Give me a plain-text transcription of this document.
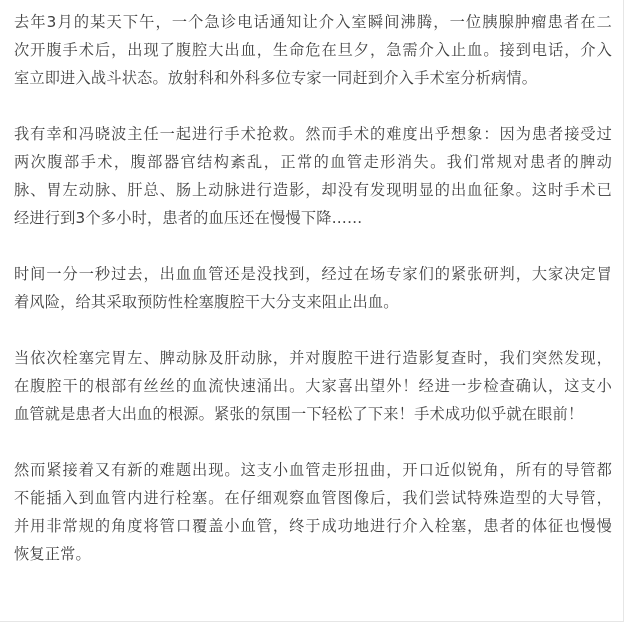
去年3月的某天下午，一个急诊电话通知让介入室瞬间沸腾，一位胰腺肿瘤患者在二
次开腹手术后，出现了腹腔大出血，生命危在旦夕，急需介入止血。接到电话，介入
室立即进入战斗状态。放射科和外科多位专家一同赶到介入手术室分析病情。

我有幸和冯晓波主任一起进行手术抢救。然而手术的难度出乎想象：因为患者接受过
两次腹部手术，腹部器官结构紊乱，正常的血管走形消失。我们常规对患者的脾动
脉、胃左动脉、肝总、肠上动脉进行造影，却没有发现明显的出血征象。这时手术已
经进行到3个多小时，患者的血压还在慢慢下降……

时间一分一秒过去，出血血管还是没找到，经过在场专家们的紧张研判，大家决定冒
着风险，给其采取预防性栓塞腹腔干大分支来阻止出血。

当依次栓塞完胃左、脾动脉及肝动脉，并对腹腔干进行造影复查时，我们突然发现，
在腹腔干的根部有丝丝的血流快速涌出。大家喜出望外！经进一步检查确认，这支小
血管就是患者大出血的根源。紧张的氛围一下轻松了下来！手术成功似乎就在眼前！

然而紧接着又有新的难题出现。这支小血管走形扭曲，开口近似锐角，所有的导管都
不能插入到血管内进行栓塞。在仔细观察血管图像后，我们尝试特殊造型的大导管，
并用非常规的角度将管口覆盖小血管，终于成功地进行介入栓塞，患者的体征也慢慢
恢复正常。
